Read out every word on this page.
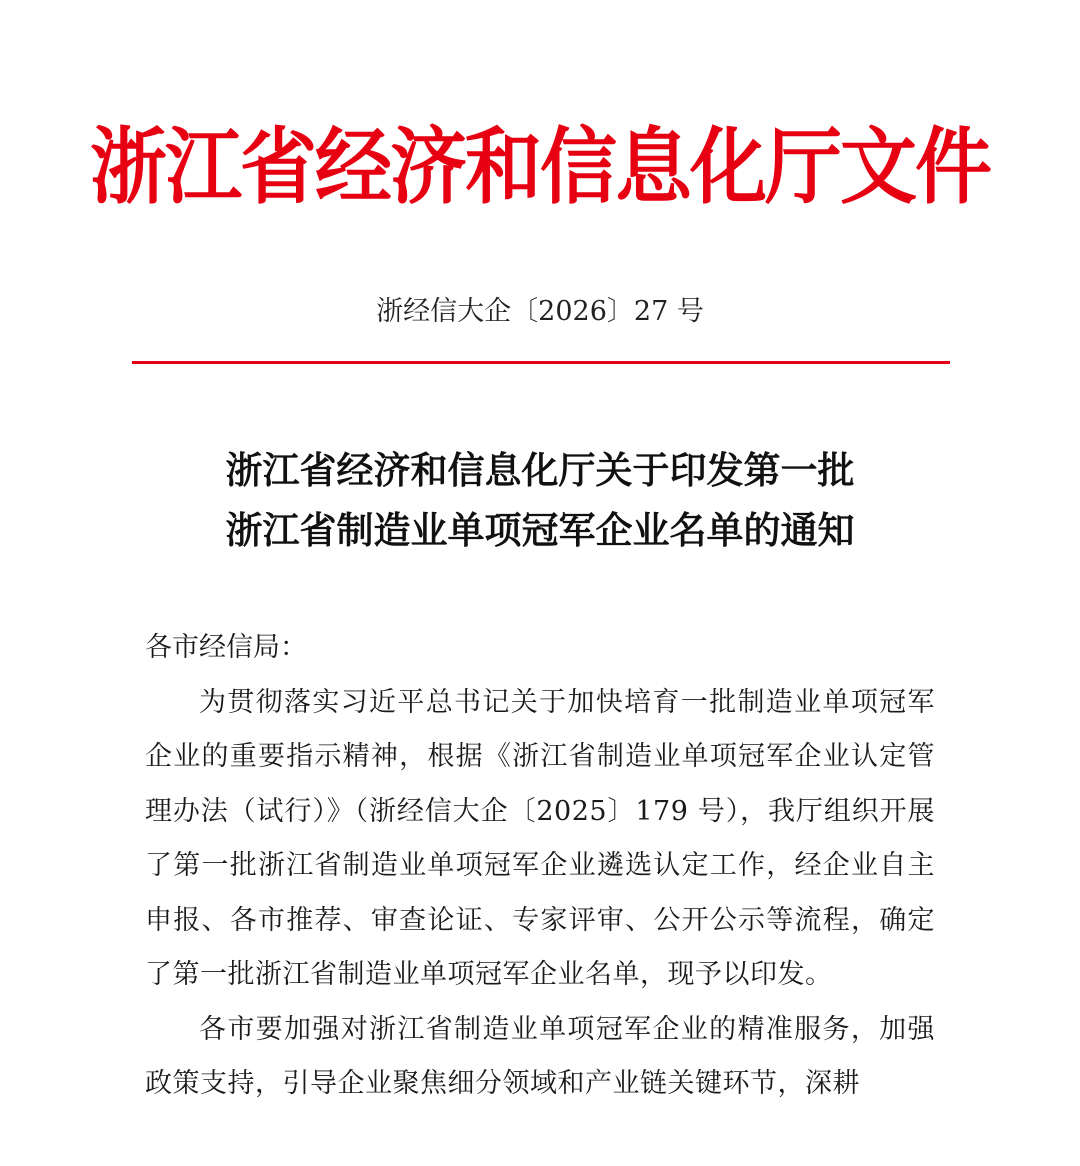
浙江省经济和信息化厅文件
浙经信大企〔2026〕27 号
浙江省经济和信息化厅关于印发第一批
浙江省制造业单项冠军企业名单的通知

各市经信局：

为贯彻落实习近平总书记关于加快培育一批制造业单项冠军企业的重要指示精神，根据《浙江省制造业单项冠军企业认定管理办法（试行）》（浙经信大企〔2025〕179 号），我厅组织开展了第一批浙江省制造业单项冠军企业遴选认定工作，经企业自主申报、各市推荐、审查论证、专家评审、公开公示等流程，确定了第一批浙江省制造业单项冠军企业名单，现予以印发。

各市要加强对浙江省制造业单项冠军企业的精准服务，加强政策支持，引导企业聚焦细分领域和产业链关键环节，深耕
